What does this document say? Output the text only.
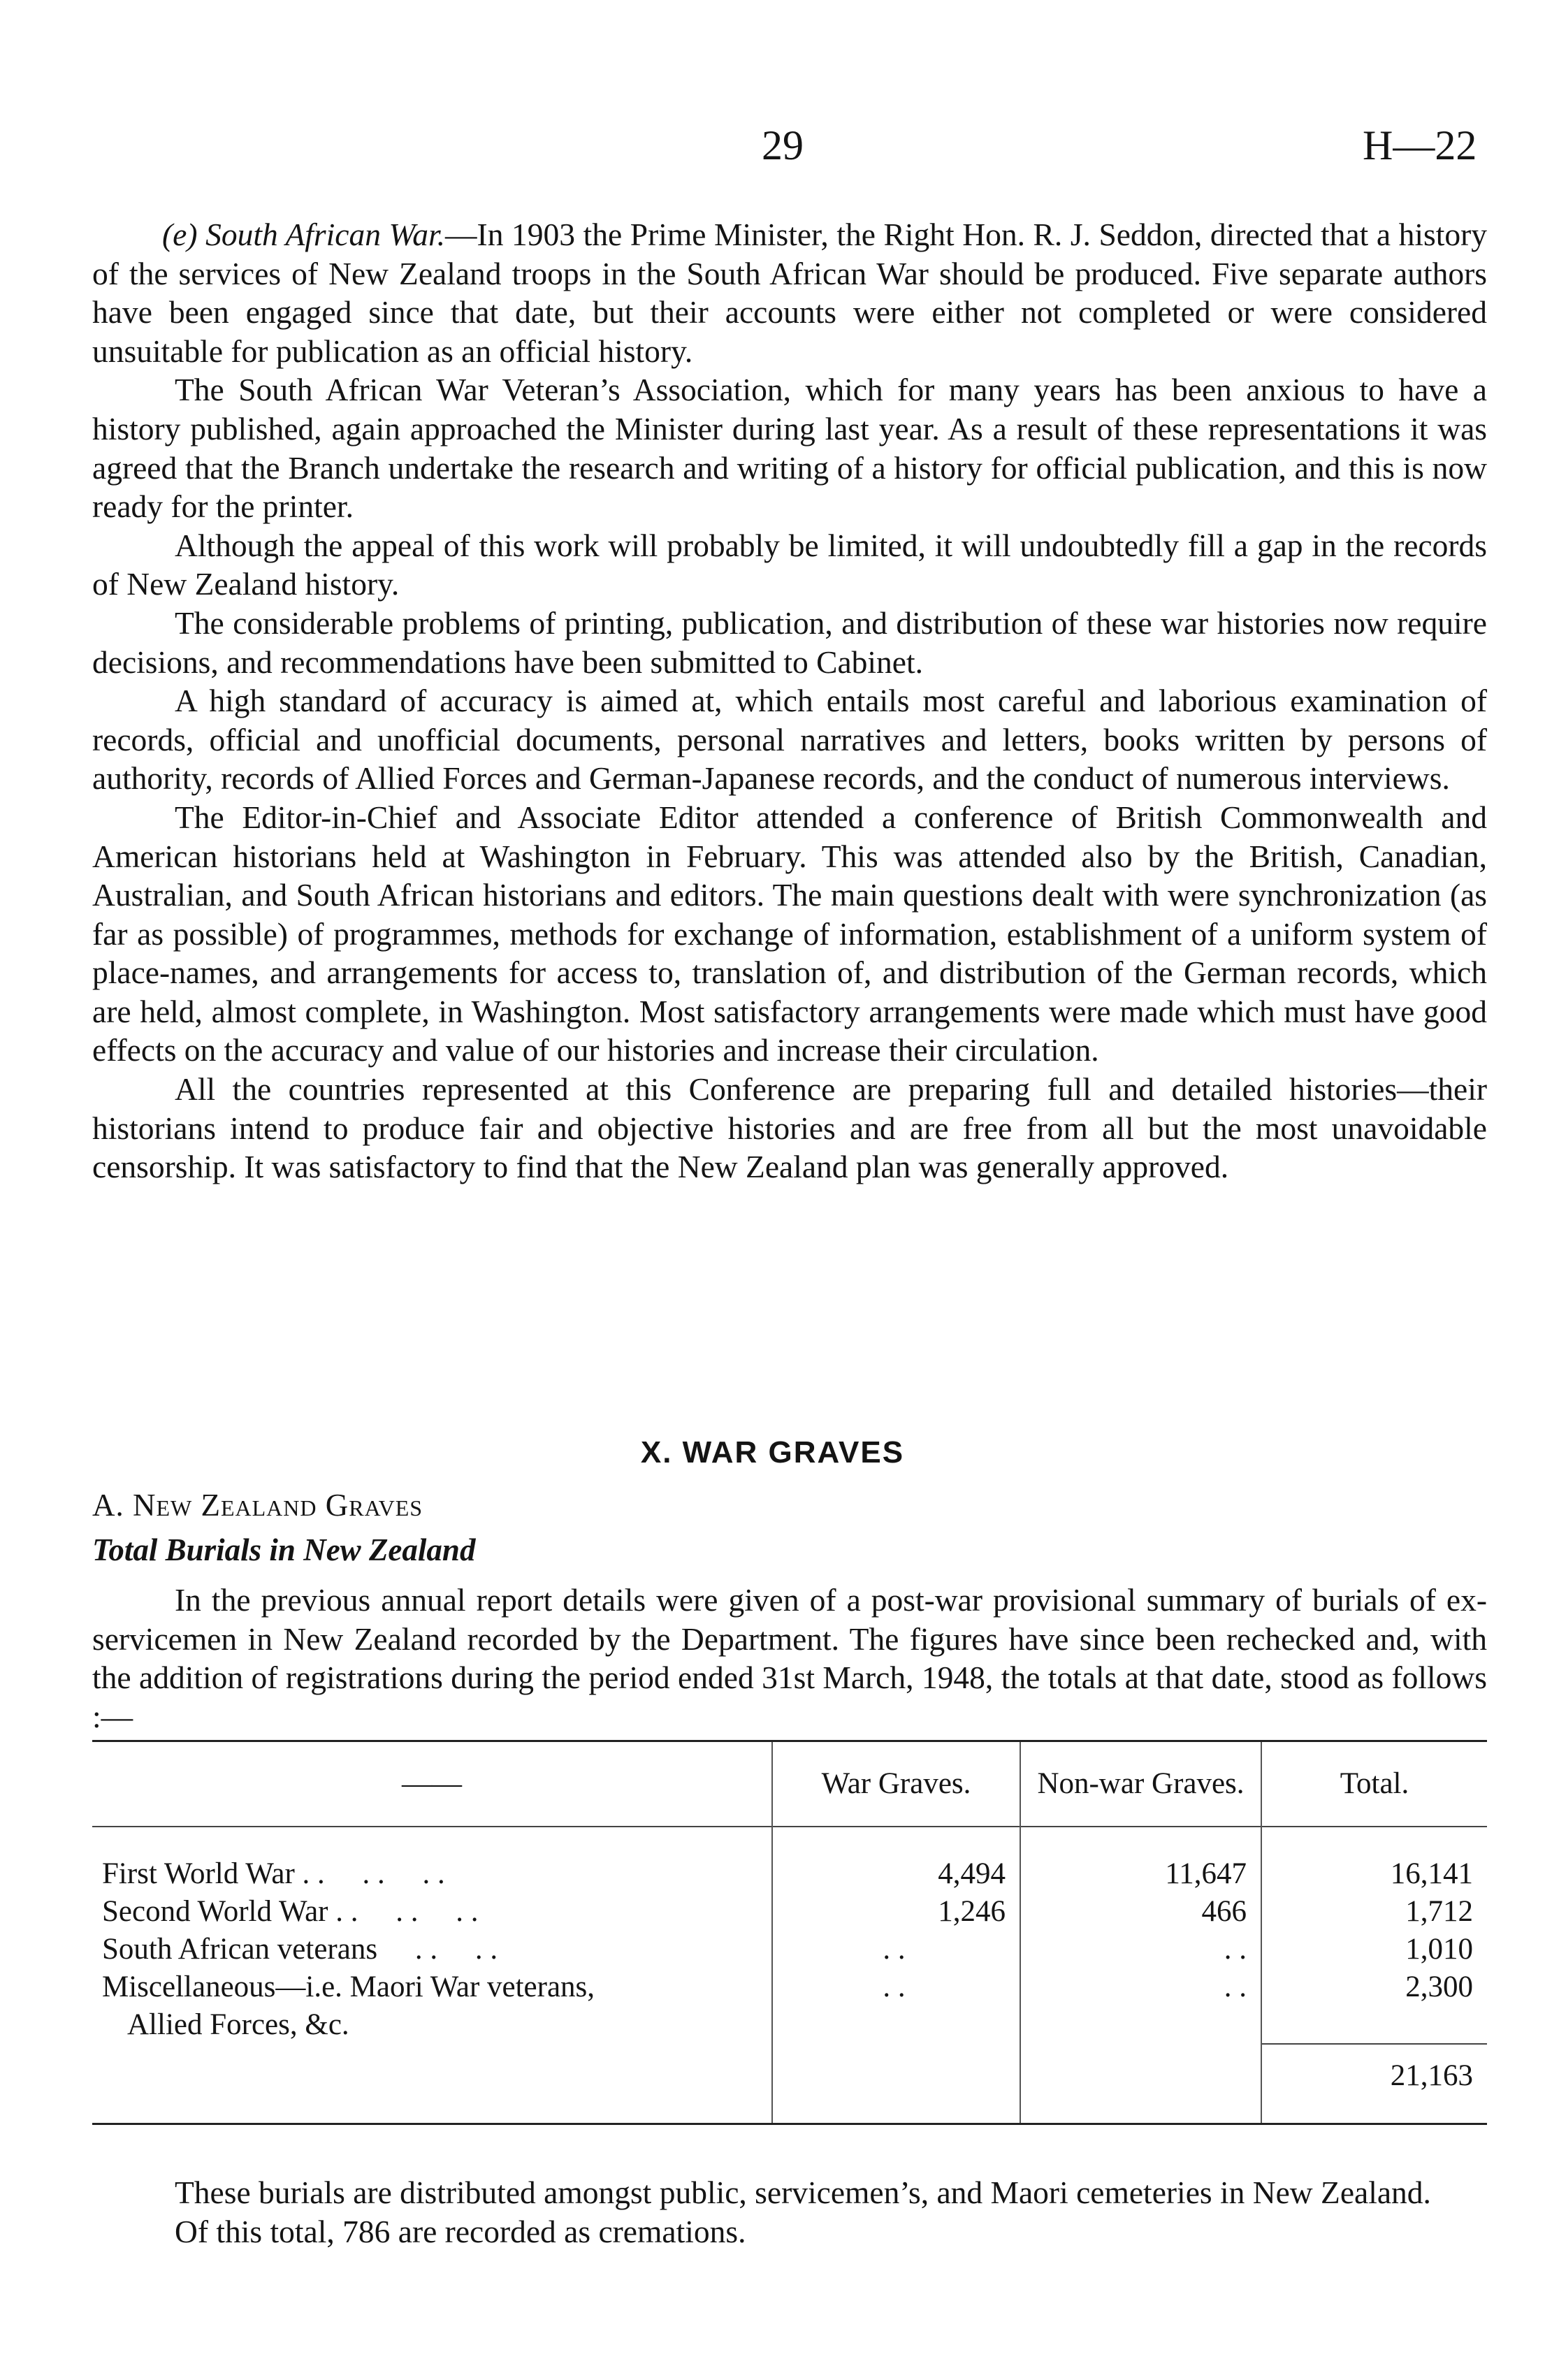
29	H—22

(e) South African War.—In 1903 the Prime Minister, the Right Hon. R. J. Seddon, directed that a history of the services of New Zealand troops in the South African War should be produced. Five separate authors have been engaged since that date, but their accounts were either not completed or were considered unsuitable for publication as an official history.

The South African War Veteran’s Association, which for many years has been anxious to have a history published, again approached the Minister during last year. As a result of these representations it was agreed that the Branch undertake the research and writing of a history for official publication, and this is now ready for the printer.

Although the appeal of this work will probably be limited, it will undoubtedly fill a gap in the records of New Zealand history.

The considerable problems of printing, publication, and distribution of these war histories now require decisions, and recommendations have been submitted to Cabinet.

A high standard of accuracy is aimed at, which entails most careful and laborious examination of records, official and unofficial documents, personal narratives and letters, books written by persons of authority, records of Allied Forces and German-Japanese records, and the conduct of numerous interviews.

The Editor-in-Chief and Associate Editor attended a conference of British Commonwealth and American historians held at Washington in February. This was attended also by the British, Canadian, Australian, and South African historians and editors. The main questions dealt with were synchronization (as far as possible) of programmes, methods for exchange of information, establishment of a uniform system of place-names, and arrangements for access to, translation of, and distribution of the German records, which are held, almost complete, in Washington. Most satisfactory arrangements were made which must have good effects on the accuracy and value of our histories and increase their circulation.

All the countries represented at this Conference are preparing full and detailed histories—their historians intend to produce fair and objective histories and are free from all but the most unavoidable censorship. It was satisfactory to find that the New Zealand plan was generally approved.

X. WAR GRAVES
A. New Zealand Graves
Total Burials in New Zealand

In the previous annual report details were given of a post-war provisional summary of burials of ex-servicemen in New Zealand recorded by the Department. The figures have since been rechecked and, with the addition of registrations during the period ended 31st March, 1948, the totals at that date, stood as follows :—

——	War Graves.	Non-war Graves.	Total.

First World War . .     . .     . .	4,494	11,647	16,141
Second World War . .     . .     . .	1,246	466	1,712
South African veterans     . .     . .	. .	. .	1,010
Miscellaneous—i.e. Maori War veterans,
Allied Forces, &c.	. .	. .	2,300
			21,163

These burials are distributed amongst public, servicemen’s, and Maori cemeteries in New Zealand.

Of this total, 786 are recorded as cremations.
